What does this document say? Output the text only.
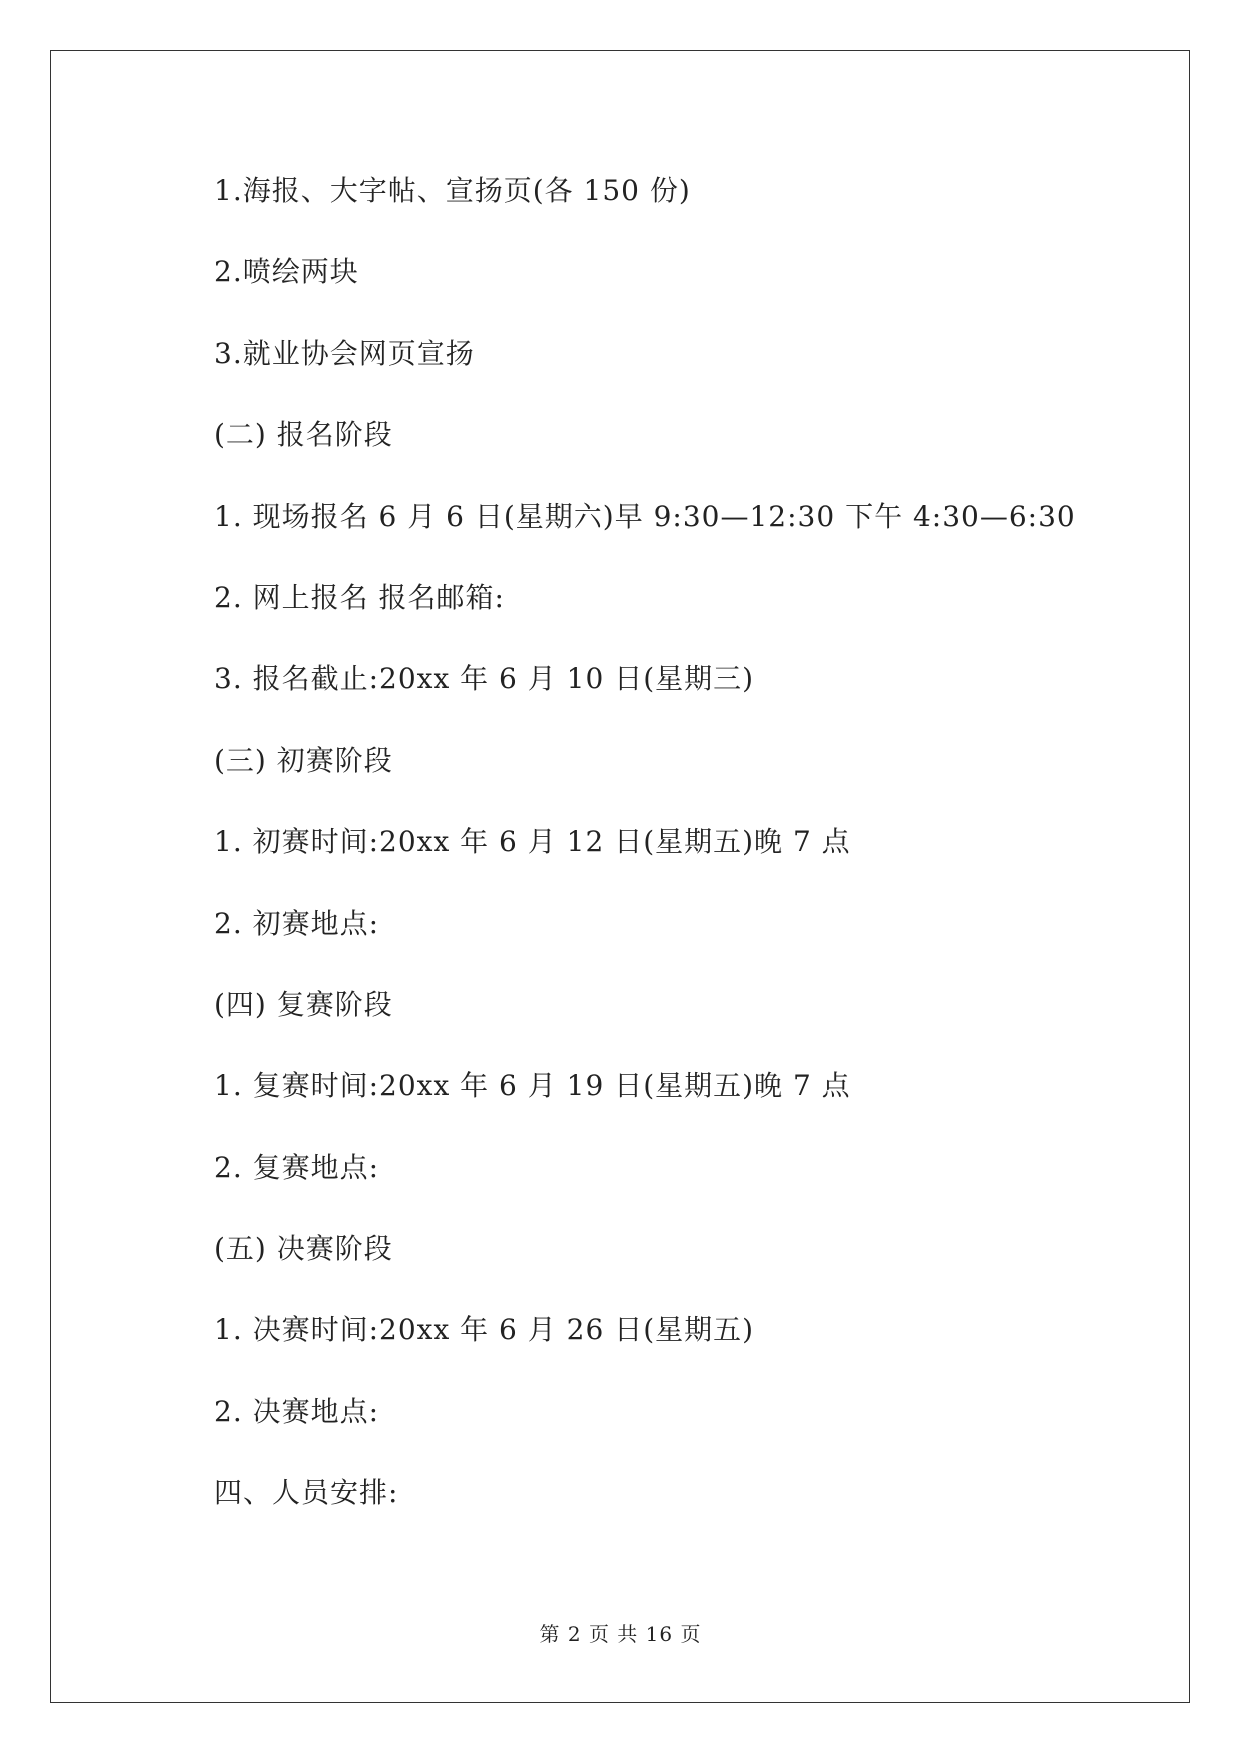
1.海报、大字帖、宣扬页(各 150 份)
2.喷绘两块
3.就业协会网页宣扬
(二) 报名阶段
1. 现场报名 6 月 6 日(星期六)早 9:30—12:30 下午 4:30—6:30
2. 网上报名 报名邮箱:
3. 报名截止:20xx 年 6 月 10 日(星期三)
(三) 初赛阶段
1. 初赛时间:20xx 年 6 月 12 日(星期五)晚 7 点
2. 初赛地点:
(四) 复赛阶段
1. 复赛时间:20xx 年 6 月 19 日(星期五)晚 7 点
2. 复赛地点:
(五) 决赛阶段
1. 决赛时间:20xx 年 6 月 26 日(星期五)
2. 决赛地点:
四、人员安排:
第 2 页 共 16 页
